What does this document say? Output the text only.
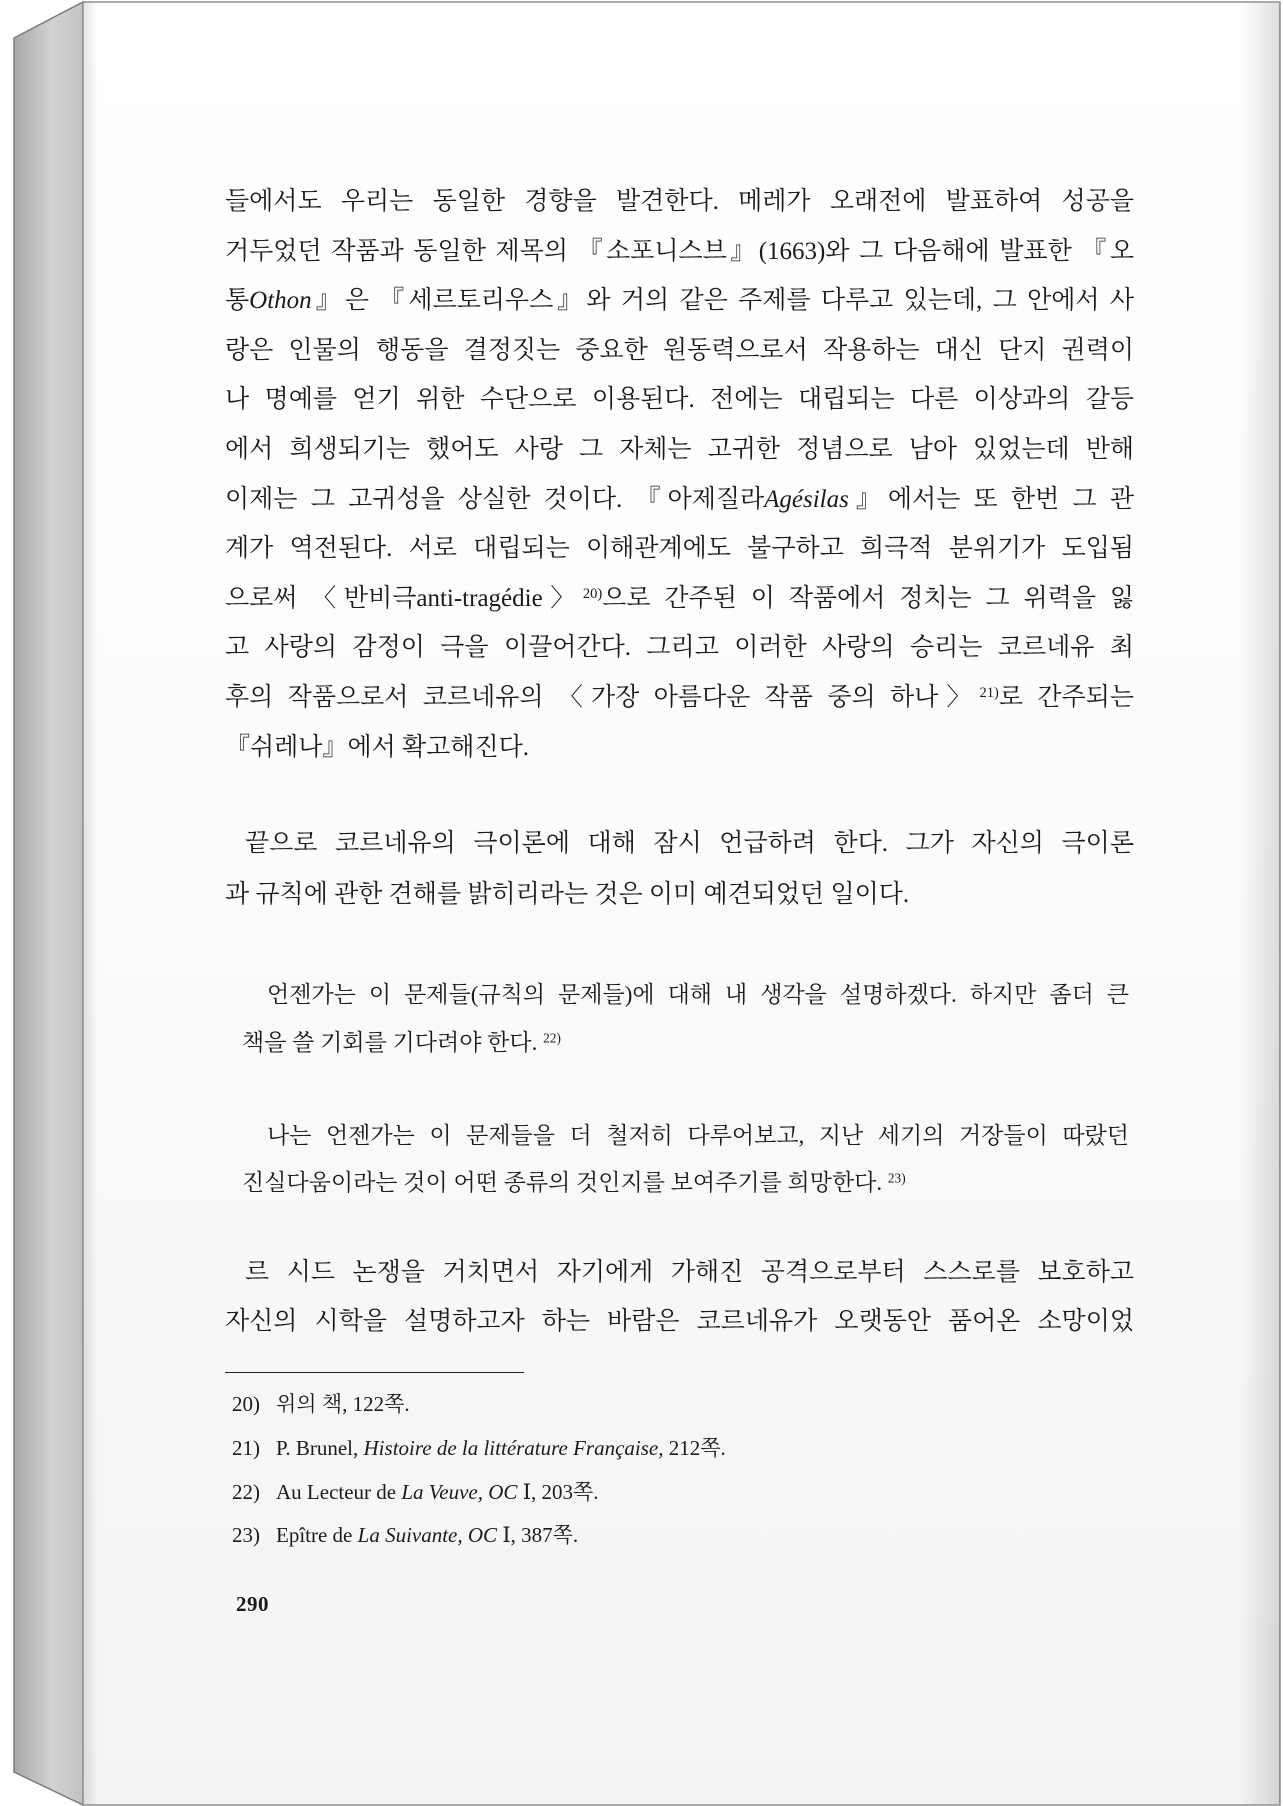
들에서도 우리는 동일한 경향을 발견한다. 메레가 오래전에 발표하여 성공을
거두었던 작품과 동일한 제목의 『소포니스브』(1663)와 그 다음해에 발표한 『오
통Othon』은 『세르토리우스』와 거의 같은 주제를 다루고 있는데, 그 안에서 사
랑은 인물의 행동을 결정짓는 중요한 원동력으로서 작용하는 대신 단지 권력이
나 명예를 얻기 위한 수단으로 이용된다. 전에는 대립되는 다른 이상과의 갈등
에서 희생되기는 했어도 사랑 그 자체는 고귀한 정념으로 남아 있었는데 반해
이제는 그 고귀성을 상실한 것이다. 『아제질라Agésilas』에서는 또 한번 그 관
계가 역전된다. 서로 대립되는 이해관계에도 불구하고 희극적 분위기가 도입됨
으로써 〈반비극anti-tragédie〉$^{20)}$으로 간주된 이 작품에서 정치는 그 위력을 잃
고 사랑의 감정이 극을 이끌어간다. 그리고 이러한 사랑의 승리는 코르네유 최
후의 작품으로서 코르네유의 〈가장 아름다운 작품 중의 하나〉$^{21)}$로 간주되는
『쉬레나』에서 확고해진다.
끝으로 코르네유의 극이론에 대해 잠시 언급하려 한다. 그가 자신의 극이론
과 규칙에 관한 견해를 밝히리라는 것은 이미 예견되었던 일이다.
언젠가는 이 문제들(규칙의 문제들)에 대해 내 생각을 설명하겠다. 하지만 좀더 큰
책을 쓸 기회를 기다려야 한다. $^{22)}$
나는 언젠가는 이 문제들을 더 철저히 다루어보고, 지난 세기의 거장들이 따랐던
진실다움이라는 것이 어떤 종류의 것인지를 보여주기를 희망한다. $^{23)}$
르 시드 논쟁을 거치면서 자기에게 가해진 공격으로부터 스스로를 보호하고
자신의 시학을 설명하고자 하는 바람은 코르네유가 오랫동안 품어온 소망이었
20) 위의 책, 122쪽.
21) P. Brunel, Histoire de la littérature Française, 212쪽.
22) Au Lecteur de La Veuve, OC Ⅰ, 203쪽.
23) Epître de La Suivante, OC Ⅰ, 387쪽.
290
